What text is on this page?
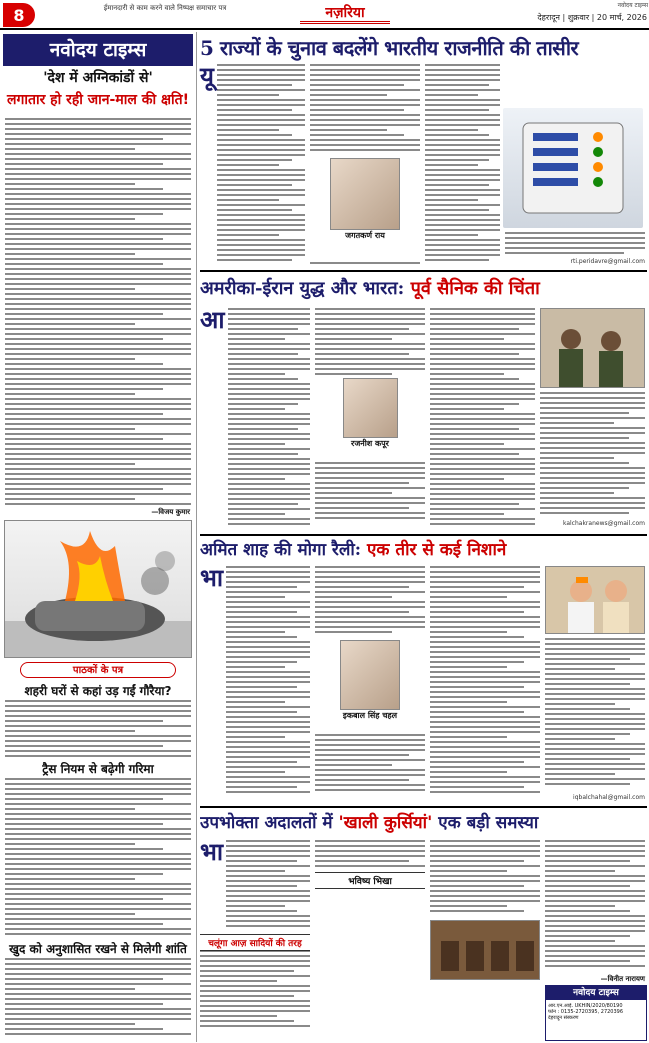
8	ईमानदारी से काम करने वाले निष्पक्ष समाचार पत्र	नज़रिया	नवोदय टाइम्स
देहरादून | शुक्रवार | 20 मार्च, 2026
नवोदय टाइम्स
'देश में अग्निकांडों से'
लगातार हो रही जान-माल की क्षति!
—विजय कुमार
पाठकों के पत्र
शहरी घरों से कहां उड़ गईं गौरैया?
ट्रैस नियम से बढ़ेगी गरिमा
खुद को अनुशासित रखने से मिलेगी शांति
5 राज्यों के चुनाव बदलेंगे भारतीय राजनीति की तासीर
यू
जगतकर्ण राय
rti.peridavre@gmail.com
अमरीका-ईरान युद्ध और भारत: पूर्व सैनिक की चिंता
आ
रजनीश कपूर
kalchakranews@gmail.com
अमित शाह की मोगा रैली: एक तीर से कई निशाने
भा
इकबाल सिंह चहल
iqbalchahal@gmail.com
उपभोक्ता अदालतों में 'खाली कुर्सियां' एक बड़ी समस्या
भा
चलूंगा आज़ सादियों की तरह
भविष्य भिखा
—विनीत नारायण
नवोदय टाइम्स
आर.एन.आई. UKHIN/2020/80190
फोन : 0135-2720395, 2720396
देहरादून संस्करण
